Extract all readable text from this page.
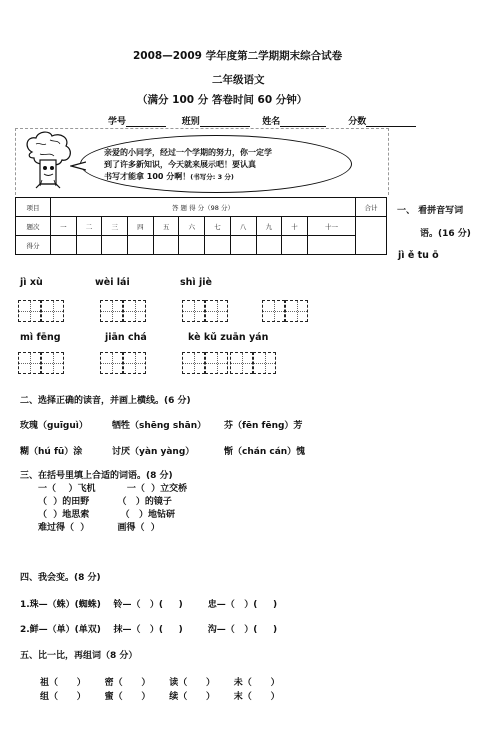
2008—2009 学年度第二学期期末综合试卷
二年级语文
（满分 100 分 答卷时间 60 分钟）
学号	班别	姓名	分数
亲爱的小同学，经过一个学期的努力，你一定学
到了许多新知识，今天就来展示吧！要认真
书写才能拿 100 分啊！(书写分: 3 分)
项目	答 题 得 分（98 分）											合计
题次	一	二	三	四	五	六	七	八	九	十	十一	
得分												
一、 看拼音写词
语。(16 分)
jì ě tu ō
jì xù	wèi lái	shì jiè
mì fēng	jiān chá	kè kǔ zuān yán
二、选择正确的读音，并画上横线。(6 分)
玫瑰（guīguì）	牺牲（shēng shān） 芬（fēn fēng）芳
糊（hú fū）涂	讨厌（yàn yàng）	惭（chán cán）愧
三、在括号里填上合适的词语。(8 分)
一（    ）飞机          一（  ）立交桥
（  ）的田野         （   ）的镜子
（  ）地思索          （   ）地钻研
难过得（  ）         画得（  ）
四、我会变。(8 分)
1.珠—（蛛）(蜘蛛)    铃—（   ）(     )        忠—（   ）(     )
2.鲜—（单）(单双)    抹—（   ）(     )        沟—（   ）(     )
五、比一比，再组词（8 分）
祖（      ）      密（      ）      读（      ）      未（      ）
组（      ）      蜜（      ）      续（      ）      末（      ）
